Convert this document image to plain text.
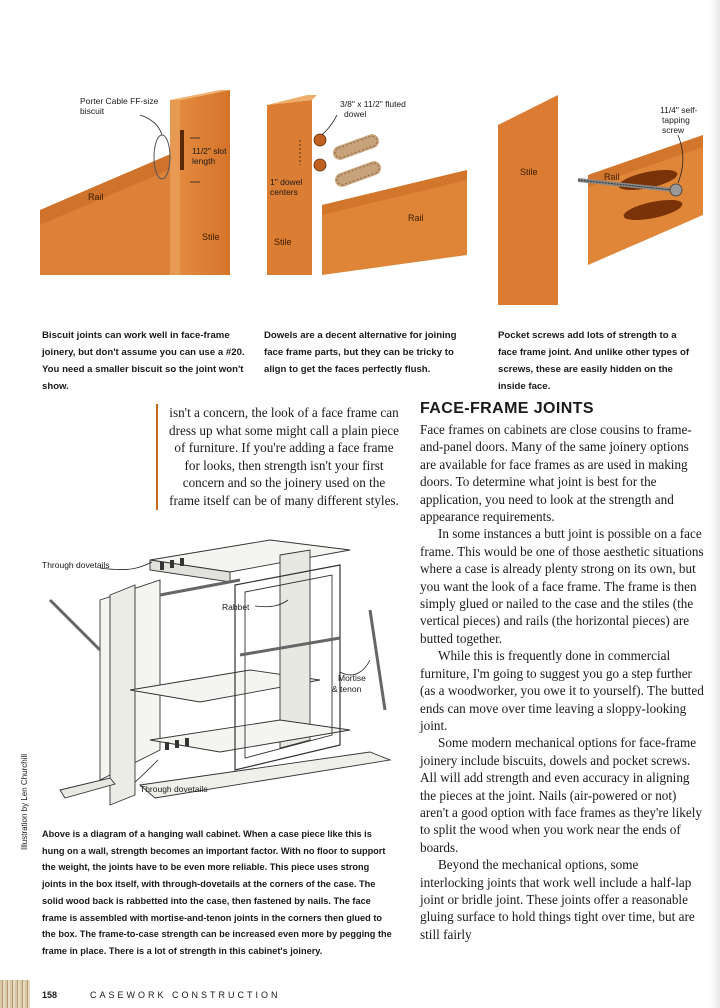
Porter Cable FF-size
biscuit
11/2" slot
length
Rail
Stile
3/8" x 11/2" fluted
dowel
1" dowel
centers
Rail
Stile
11/4" self-
tapping
screw
Stile	Rail
Biscuit joints can work well in face-frame joinery, but don't assume you can use a #20. You need a smaller biscuit so the joint won't show.
Dowels are a decent alternative for joining face frame parts, but they can be tricky to align to get the faces perfectly flush.
Pocket screws add lots of strength to a face frame joint. And unlike other types of screws, these are easily hidden on the inside face.
isn't a concern, the look of a face frame can dress up what some might call a plain piece of furniture. If you're adding a face frame for looks, then strength isn't your first concern and so the joinery used on the frame itself can be of many different styles.
Through dovetails
Rabbet
Mortise
& tenon
Through dovetails
Illustration by Len Churchill Above is a diagram of a hanging wall cabinet. When a case piece like this is hung on a wall, strength becomes an important factor. With no floor to support the weight, the joints have to be even more reliable. This piece uses strong joints in the box itself, with through-dovetails at the corners of the case. The solid wood back is rabbetted into the case, then fastened by nails. The face frame is assembled with mortise-and-tenon joints in the corners then glued to the box. The frame-to-case strength can be increased even more by pegging the frame in place. There is a lot of strength in this cabinet's joinery.
FACE-FRAME JOINTS

Face frames on cabinets are close cousins to frame-and-panel doors. Many of the same joinery options are available for face frames as are used in making doors. To determine what joint is best for the application, you need to look at the strength and appearance requirements.

In some instances a butt joint is possible on a face frame. This would be one of those aesthetic situations where a case is already plenty strong on its own, but you want the look of a face frame. The frame is then simply glued or nailed to the case and the stiles (the vertical pieces) and rails (the horizontal pieces) are butted together.

While this is frequently done in commercial furniture, I'm going to suggest you go a step further (as a woodworker, you owe it to yourself). The butted ends can move over time leaving a sloppy-looking joint.

Some modern mechanical options for face-frame joinery include biscuits, dowels and pocket screws. All will add strength and even accuracy in aligning the pieces at the joint. Nails (air-powered or not) aren't a good option with face frames as they're likely to split the wood when you work near the ends of boards.

Beyond the mechanical options, some interlocking joints that work well include a half-lap joint or bridle joint. These joints offer a reasonable gluing surface to hold things tight over time, but are still fairly

158	CASEWORK CONSTRUCTION
